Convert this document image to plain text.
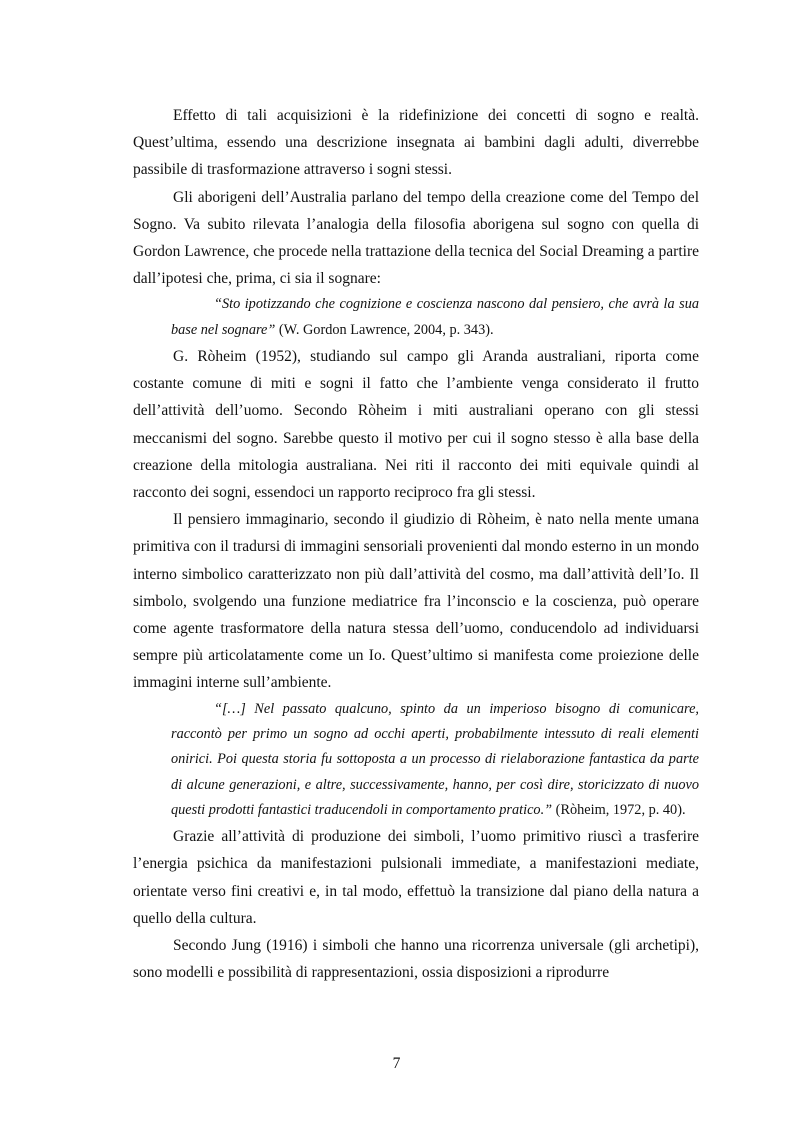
Effetto di tali acquisizioni è la ridefinizione dei concetti di sogno e realtà. Quest’ultima, essendo una descrizione insegnata ai bambini dagli adulti, diverrebbe passibile di trasformazione attraverso i sogni stessi.

Gli aborigeni dell’Australia parlano del tempo della creazione come del Tempo del Sogno. Va subito rilevata l’analogia della filosofia aborigena sul sogno con quella di Gordon Lawrence, che procede nella trattazione della tecnica del Social Dreaming a partire dall’ipotesi che, prima, ci sia il sognare:

“Sto ipotizzando che cognizione e coscienza nascono dal pensiero, che avrà la sua base nel sognare” (W. Gordon Lawrence, 2004, p. 343).

G. Ròheim (1952), studiando sul campo gli Aranda australiani, riporta come costante comune di miti e sogni il fatto che l’ambiente venga considerato il frutto dell’attività dell’uomo. Secondo Ròheim i miti australiani operano con gli stessi meccanismi del sogno. Sarebbe questo il motivo per cui il sogno stesso è alla base della creazione della mitologia australiana. Nei riti il racconto dei miti equivale quindi al racconto dei sogni, essendoci un rapporto reciproco fra gli stessi.

Il pensiero immaginario, secondo il giudizio di Ròheim, è nato nella mente umana primitiva con il tradursi di immagini sensoriali provenienti dal mondo esterno in un mondo interno simbolico caratterizzato non più dall’attività del cosmo, ma dall’attività dell’Io. Il simbolo, svolgendo una funzione mediatrice fra l’inconscio e la coscienza, può operare come agente trasformatore della natura stessa dell’uomo, conducendolo ad individuarsi sempre più articolatamente come un Io. Quest’ultimo si manifesta come proiezione delle immagini interne sull’ambiente.

“[…] Nel passato qualcuno, spinto da un imperioso bisogno di comunicare, raccontò per primo un sogno ad occhi aperti, probabilmente intessuto di reali elementi onirici. Poi questa storia fu sottoposta a un processo di rielaborazione fantastica da parte di alcune generazioni, e altre, successivamente, hanno, per così dire, storicizzato di nuovo questi prodotti fantastici traducendoli in comportamento pratico.” (Ròheim, 1972, p. 40).

Grazie all’attività di produzione dei simboli, l’uomo primitivo riuscì a trasferire l’energia psichica da manifestazioni pulsionali immediate, a manifestazioni mediate, orientate verso fini creativi e, in tal modo, effettuò la transizione dal piano della natura a quello della cultura.

Secondo Jung (1916) i simboli che hanno una ricorrenza universale (gli archetipi), sono modelli e possibilità di rappresentazioni, ossia disposizioni a riprodurre

7
